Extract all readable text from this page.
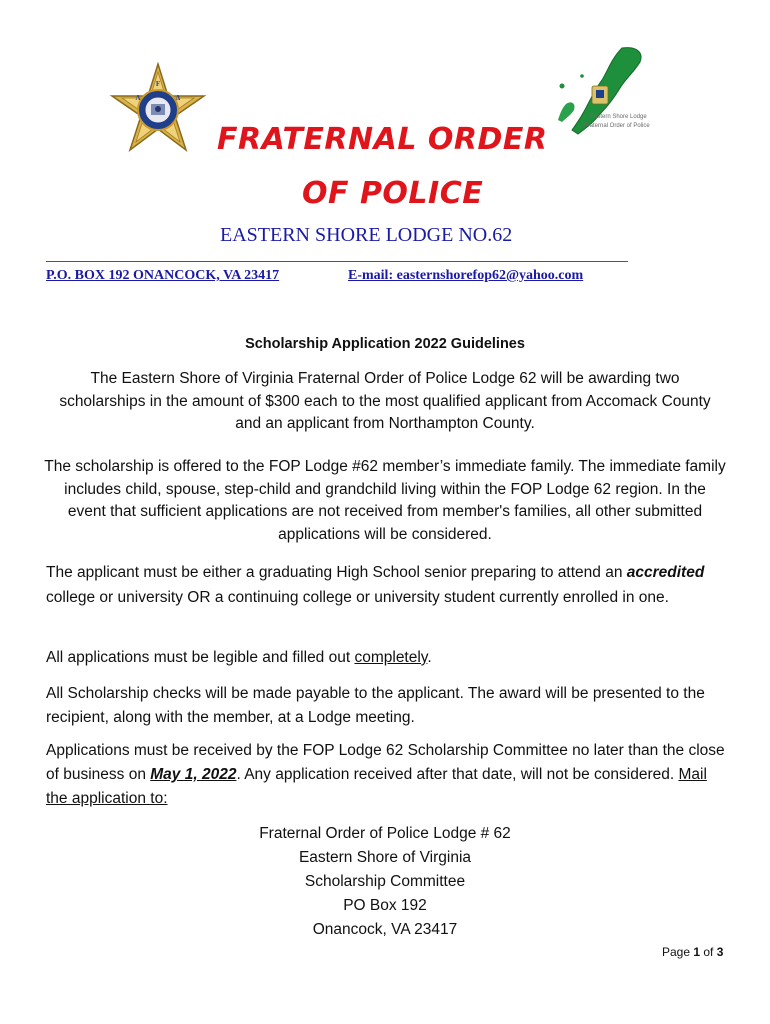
F
Λ	Δ
Eastern Shore Lodge
Fraternal Order of Police
FRATERNAL ORDER
OF POLICE
EASTERN SHORE LODGE NO.62
P.O. BOX 192 ONANCOCK, VA 23417	E-mail: easternshorefop62@yahoo.com
Scholarship Application 2022 Guidelines
The Eastern Shore of Virginia Fraternal Order of Police Lodge 62 will be awarding two scholarships in the amount of $300 each to the most qualified applicant from Accomack County and an applicant from Northampton County.
The scholarship is offered to the FOP Lodge #62 member’s immediate family. The immediate family includes child, spouse, step-child and grandchild living within the FOP Lodge 62 region. In the event that sufficient applications are not received from member's families, all other submitted applications will be considered.
The applicant must be either a graduating High School senior preparing to attend an accredited college or university OR a continuing college or university student currently enrolled in one.
All applications must be legible and filled out completely.
All Scholarship checks will be made payable to the applicant. The award will be presented to the recipient, along with the member, at a Lodge meeting.
Applications must be received by the FOP Lodge 62 Scholarship Committee no later than the close of business on May 1, 2022. Any application received after that date, will not be considered. Mail the application to:
Fraternal Order of Police Lodge # 62
Eastern Shore of Virginia
Scholarship Committee
PO Box 192
Onancock, VA 23417
Page 1 of 3
